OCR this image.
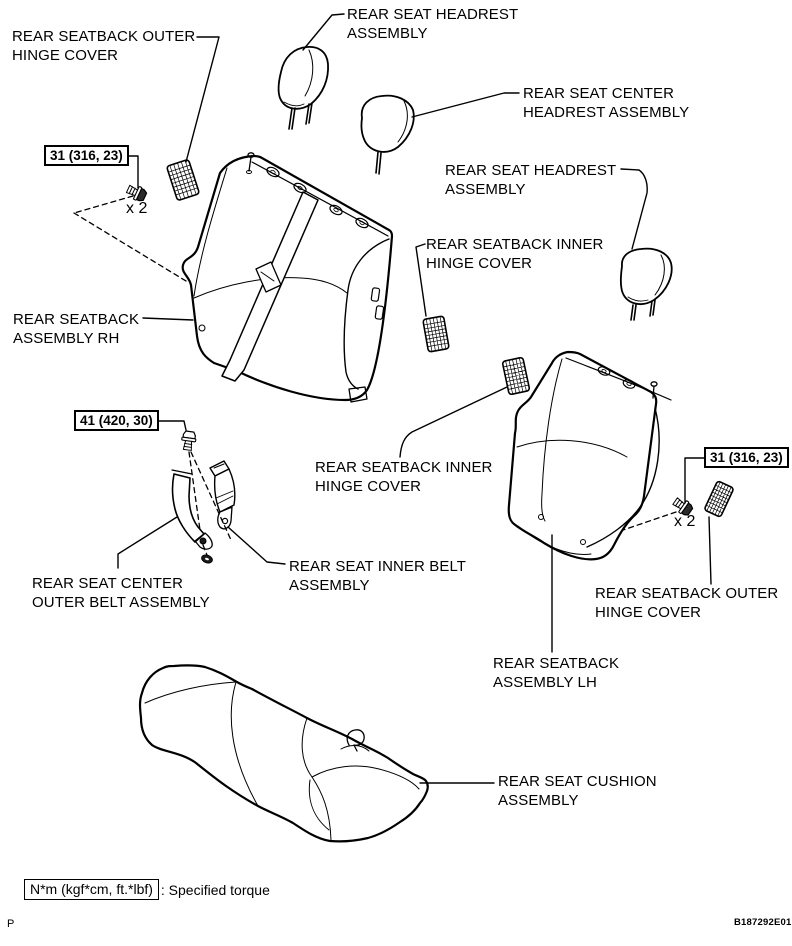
REAR SEATBACK OUTER
HINGE COVER
REAR SEAT HEADREST
ASSEMBLY
REAR SEAT CENTER
HEADREST ASSEMBLY
REAR SEAT HEADREST
ASSEMBLY
REAR SEATBACK
ASSEMBLY RH
REAR SEATBACK INNER
HINGE COVER
REAR SEATBACK INNER
HINGE COVER
REAR SEAT CENTER
OUTER BELT ASSEMBLY
REAR SEAT INNER BELT
ASSEMBLY	REAR SEATBACK OUTER
HINGE COVER
REAR SEATBACK
ASSEMBLY LH
REAR SEAT CUSHION
ASSEMBLY
31 (316, 23)
x 2
41 (420, 30)
31 (316, 23)
x 2
N*m (kgf*cm, ft.*lbf) : Specified torque
P	B187292E01
